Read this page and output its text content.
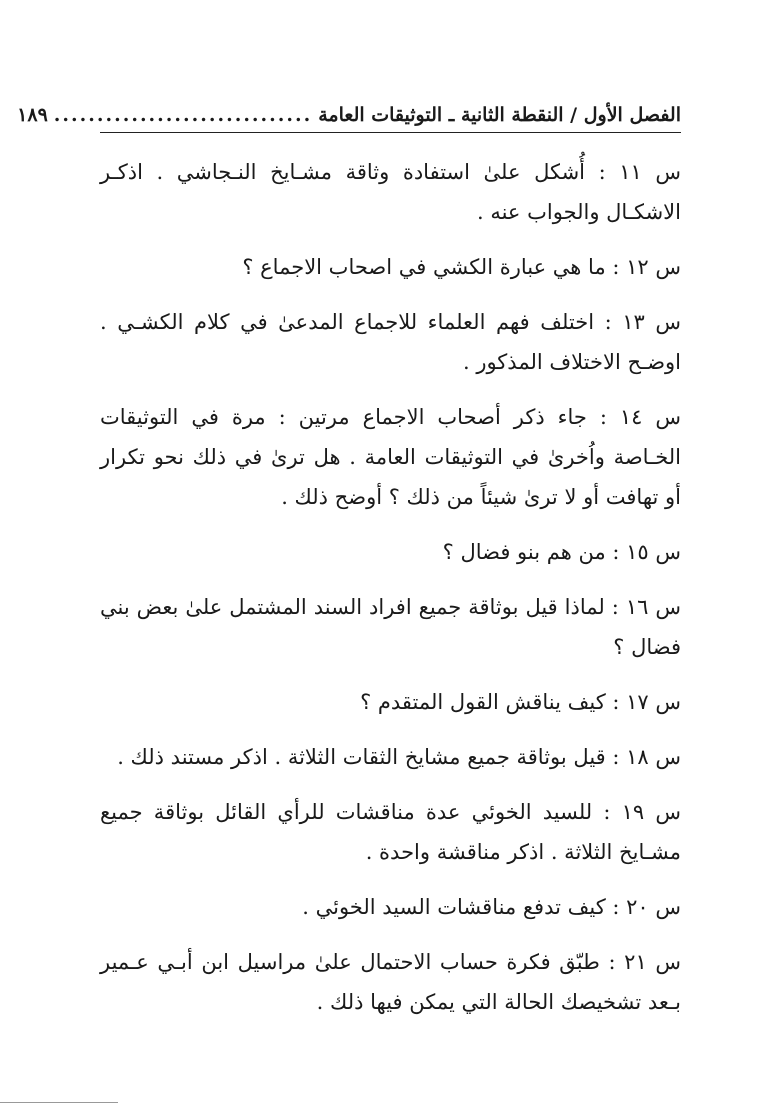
الفصل الأول / النقطة الثانية ـ التوثيقات العامة
..............................
١٨٩

س ١١ : أُشكل علىٰ استفادة وثاقة مشـايخ النـجاشي . اذكـر الاشكـال والجواب عنه .

س ١٢ : ما هي عبارة الكشي في اصحاب الاجماع ؟

س ١٣ : اختلف فهم العلماء للاجماع المدعىٰ في كلام الكشـي . اوضـح الاختلاف المذكور .

س ١٤ : جاء ذكر أصحاب الاجماع مرتين : مرة في التوثيقات الخـاصة واُخرىٰ في التوثيقات العامة . هل ترىٰ في ذلك نحو تكرار أو تهافت أو لا ترىٰ شيئاً من ذلك ؟ أوضح ذلك .

س ١٥ : من هم بنو فضال ؟

س ١٦ : لماذا قيل بوثاقة جميع افراد السند المشتمل علىٰ بعض بني فضال ؟

س ١٧ : كيف يناقش القول المتقدم ؟

س ١٨ : قيل بوثاقة جميع مشايخ الثقات الثلاثة . اذكر مستند ذلك .

س ١٩ : للسيد الخوئي عدة مناقشات للرأي القائل بوثاقة جميع مشـايخ الثلاثة . اذكر مناقشة واحدة .

س ٢٠ : كيف تدفع مناقشات السيد الخوئي .

س ٢١ : طبّق فكرة حساب الاحتمال علىٰ مراسيل ابن أبـي عـمير بـعد تشخيصك الحالة التي يمكن فيها ذلك .
